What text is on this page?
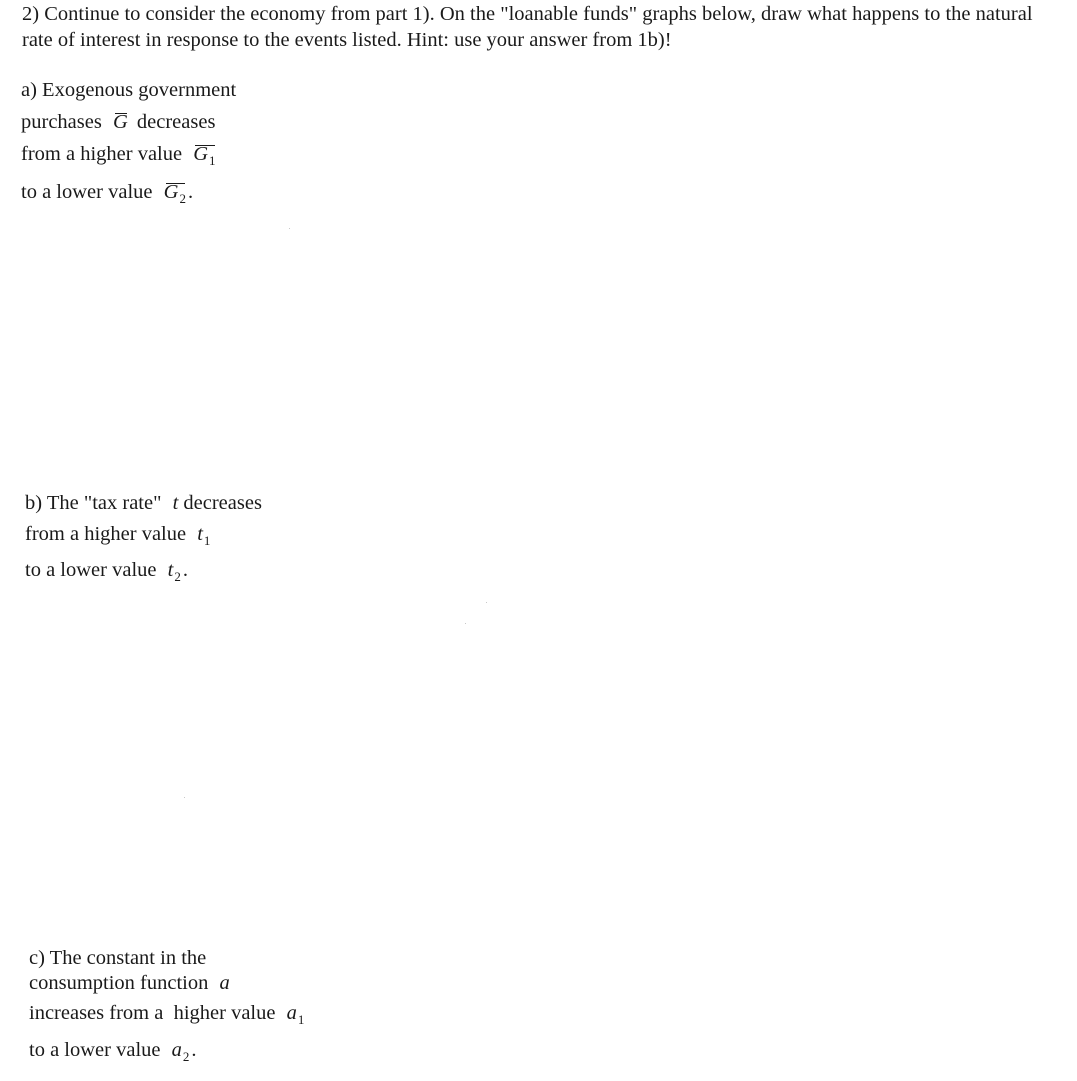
2) Continue to consider the economy from part 1). On the "loanable funds" graphs below, draw what happens to the natural rate of interest in response to the events listed. Hint: use your answer from 1b)!
a) Exogenous government
purchases G decreases
from a higher value $G_1$
to a lower value $G_2$.
b) The "tax rate" t decreases
from a higher value $t_1$
to a lower value $t_2$.
c) The constant in the
consumption function a
increases from a  higher value $a_1$
to a lower value $a_2$.
